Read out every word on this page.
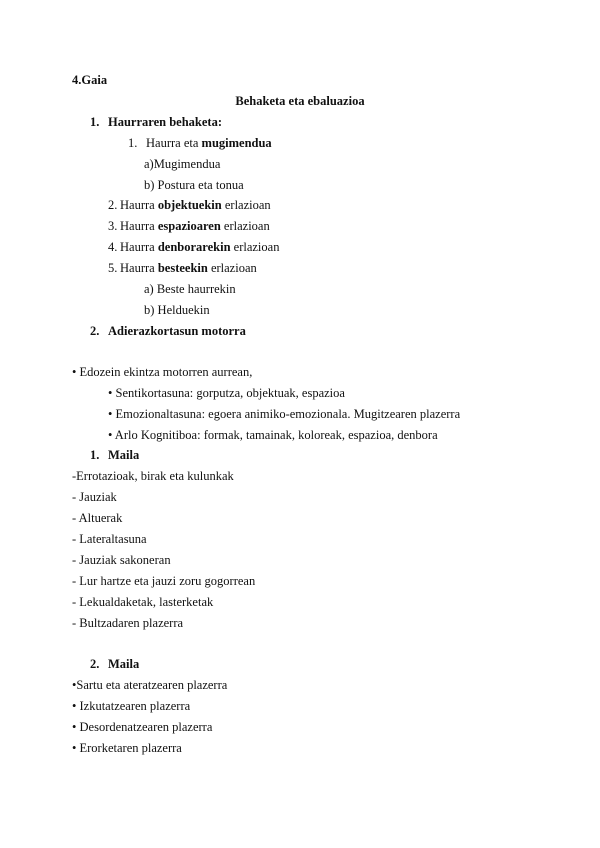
4.Gaia
Behaketa eta ebaluazioa
1. Haurraren behaketa:
1. Haurra eta mugimendua
a)Mugimendua
b) Postura eta tonua
2. Haurra objektuekin erlazioan
3. Haurra espazioaren erlazioan
4. Haurra denborarekin erlazioan
5. Haurra besteekin erlazioan
a) Beste haurrekin
b) Helduekin
2. Adierazkortasun motorra
• Edozein ekintza motorren aurrean,
• Sentikortasuna: gorputza, objektuak, espazioa
• Emozionaltasuna: egoera animiko-emozionala. Mugitzearen plazerra
• Arlo Kognitiboa: formak, tamainak, koloreak, espazioa, denbora
1. Maila
-Errotazioak, birak eta kulunkak
- Jauziak
- Altuerak
- Lateraltasuna
- Jauziak sakoneran
- Lur hartze eta jauzi zoru gogorrean
- Lekualdaketak, lasterketak
- Bultzadaren plazerra
2. Maila
•Sartu eta ateratzearen plazerra
• Izkutatzearen plazerra
• Desordenatzearen plazerra
• Erorketaren plazerra
